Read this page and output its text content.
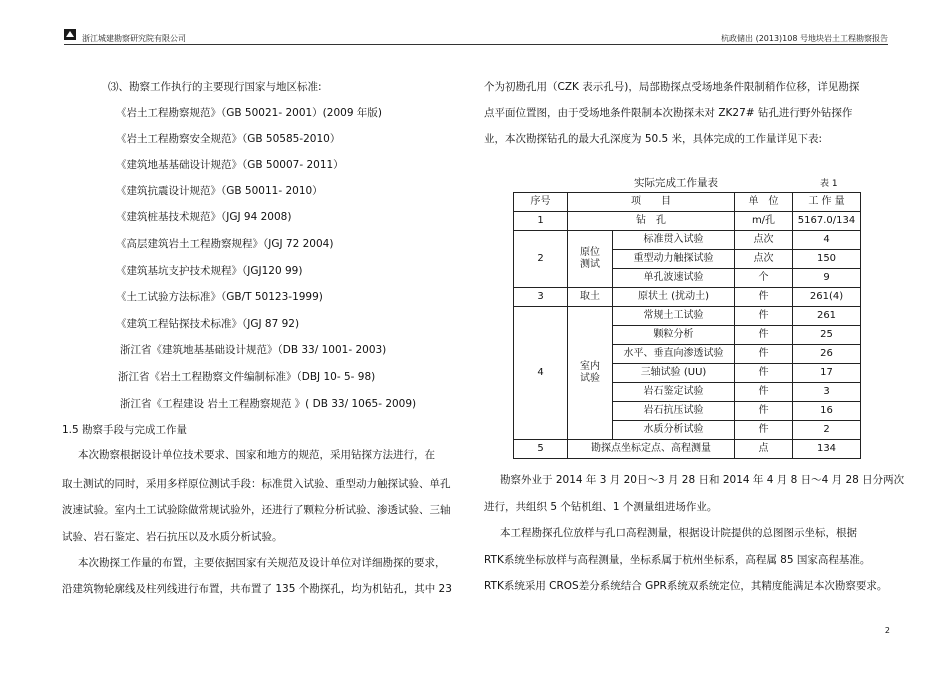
浙江城建勘察研究院有限公司	杭政储出 (2013)108 号地块岩土工程勘察报告
⑶、勘察工作执行的主要现行国家与地区标准:
《岩土工程勘察规范》（GB 50021- 2001）(2009 年版)
《岩土工程勘察安全规范》（GB 50585-2010）
《建筑地基基础设计规范》（GB 50007- 2011）
《建筑抗震设计规范》（GB 50011- 2010）
《建筑桩基技术规范》（JGJ 94 2008)
《高层建筑岩土工程勘察规程》（JGJ 72 2004)
《建筑基坑支护技术规程》（JGJ120 99)
《土工试验方法标准》（GB/T 50123-1999)
《建筑工程钻探技术标准》（JGJ 87 92)
浙江省《建筑地基基础设计规范》（DB 33/ 1001- 2003)
浙江省《岩土工程勘察文件编制标准》（DBJ 10- 5- 98)
浙江省《工程建设 岩土工程勘察规范 》( DB 33/ 1065- 2009)
1.5 勘察手段与完成工作量
本次勘察根据设计单位技术要求、国家和地方的规范，采用钻探方法进行，在
取土测试的同时，采用多样原位测试手段：标准贯入试验、重型动力触探试验、单孔
波速试验。室内土工试验除做常规试验外，还进行了颗粒分析试验、渗透试验、三轴
试验、岩石鉴定、岩石抗压以及水质分析试验。
本次勘探工作量的布置，主要依据国家有关规范及设计单位对详细勘探的要求，
沿建筑物轮廓线及柱列线进行布置，共布置了 135 个勘探孔，均为机钻孔，其中 23
个为初勘孔用（CZK 表示孔号)，局部勘探点受场地条件限制稍作位移，详见勘探
点平面位置图，由于受场地条件限制本次勘探未对 ZK27# 钻孔进行野外钻探作
业，本次勘探钻孔的最大孔深度为 50.5 米，具体完成的工作量详见下表:
实际完成工作量表	表 1
序号	项　　目		单　位	工 作 量
1	钻　孔		m/孔	5167.0/134
2	原位
测试	标准贯入试验	点次	4
		重型动力触探试验	点次	150
		单孔波速试验	个	9
3	取土	原状土 (扰动土)	件	261(4)
4	室内
试验	常规土工试验	件	261
		颗粒分析	件	25
		水平、垂直向渗透试验	件	26
		三轴试验 (UU)	件	17
		岩石鉴定试验	件	3
		岩石抗压试验	件	16
		水质分析试验	件	2
5	勘探点坐标定点、高程测量		点	134
勘察外业于 2014 年 3 月 20日～3 月 28 日和 2014 年 4 月 8 日～4 月 28 日分两次
进行，共组织 5 个钻机组、1 个测量组进场作业。
本工程勘探孔位放样与孔口高程测量，根据设计院提供的总图图示坐标，根据
RTK系统坐标放样与高程测量，坐标系属于杭州坐标系，高程属 85 国家高程基准。
RTK系统采用 CROS差分系统结合 GPR系统双系统定位，其精度能满足本次勘察要求。
2
